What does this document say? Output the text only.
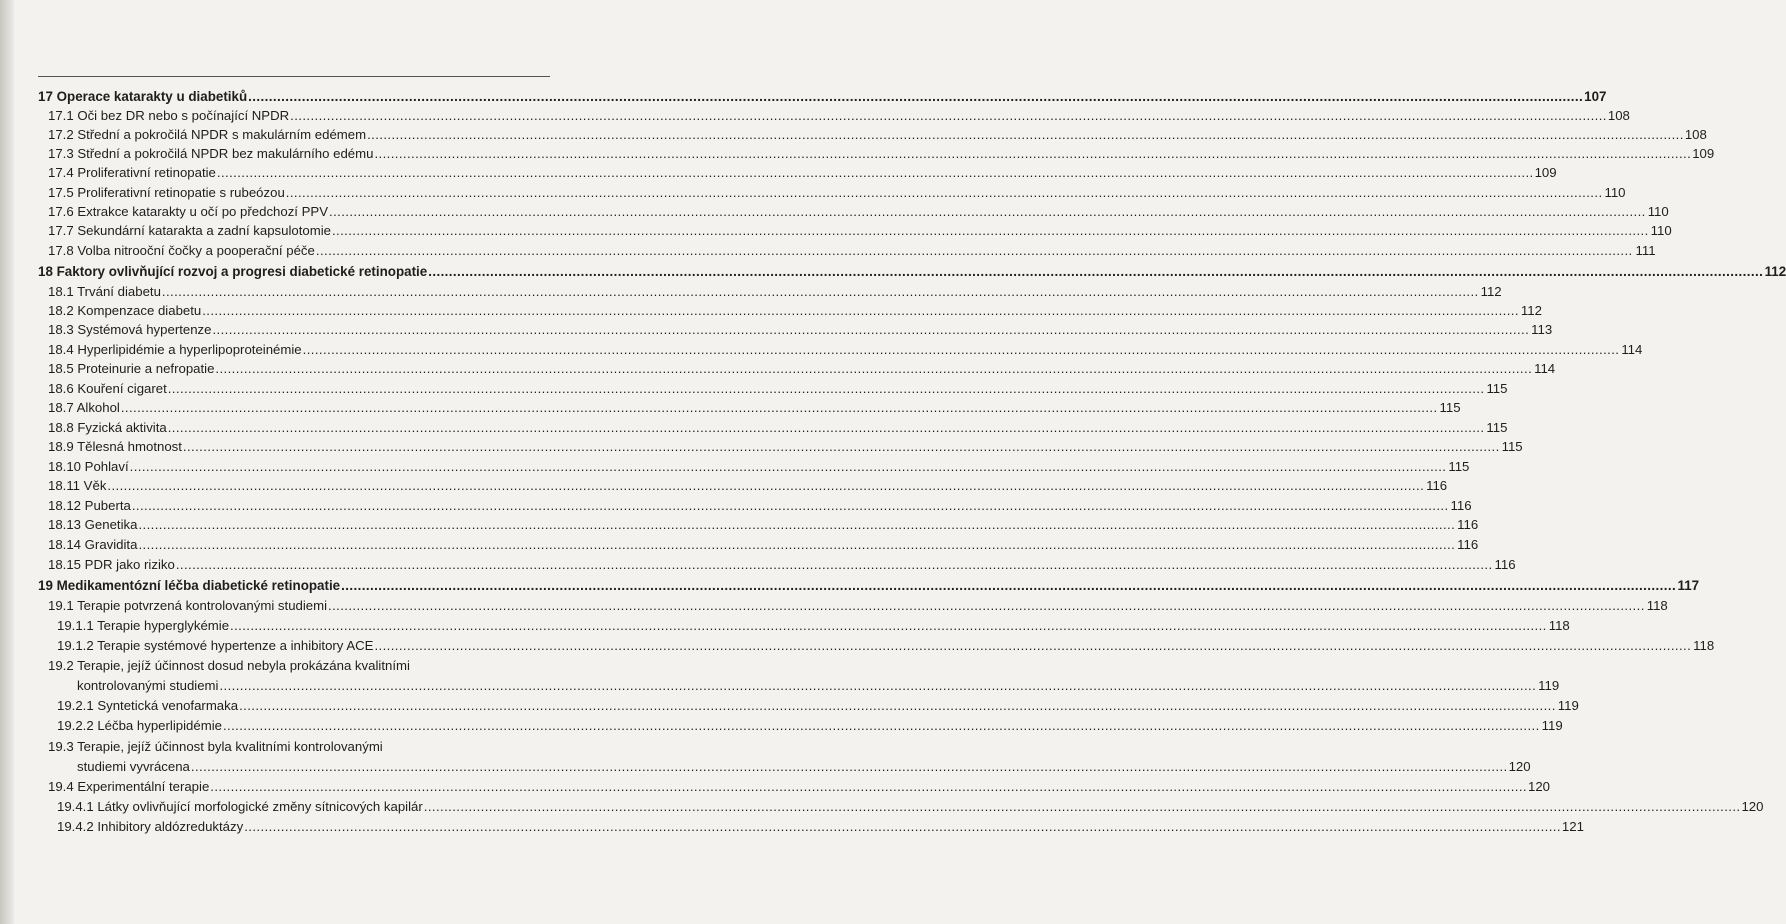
17 Operace katarakty u diabetiků .....	107
17.1 Oči bez DR nebo s počínající NPDR .....	108
17.2 Střední a pokročilá NPDR s makulárním edémem .....	108
17.3 Střední a pokročilá NPDR bez makulárního edému .....	109
17.4 Proliferativní retinopatie .....	109
17.5 Proliferativní retinopatie s rubeózou .....	110
17.6 Extrakce katarakty u očí po předchozí PPV .....	110
17.7 Sekundární katarakta a zadní kapsulotomie .....	110
17.8 Volba nitrooční čočky a pooperační péče .....	111
18 Faktory ovlivňující rozvoj a progresi diabetické retinopatie .....	112
18.1 Trvání diabetu .....	112
18.2 Kompenzace diabetu .....	112
18.3 Systémová hypertenze .....	113
18.4 Hyperlipidémie a hyperlipoproteinémie .....	114
18.5 Proteinurie a nefropatie .....	114
18.6 Kouření cigaret .....	115
18.7 Alkohol .....	115
18.8 Fyzická aktivita .....	115
18.9 Tělesná hmotnost .....	115
18.10 Pohlaví .....	115
18.11 Věk .....	116
18.12 Puberta .....	116
18.13 Genetika .....	116
18.14 Gravidita .....	116
18.15 PDR jako riziko .....	116
19 Medikamentózní léčba diabetické retinopatie .....	117
19.1 Terapie potvrzená kontrolovanými studiemi .....	118
19.1.1 Terapie hyperglykémie .....	118
19.1.2 Terapie systémové hypertenze a inhibitory ACE .....	118
19.2 Terapie, jejíž účinnost dosud nebyla prokázána kvalitními
kontrolovanými studiemi .....	119
19.2.1 Syntetická venofarmaka .....	119
19.2.2 Léčba hyperlipidémie .....	119
19.3 Terapie, jejíž účinnost byla kvalitními kontrolovanými
studiemi vyvrácena .....	120
19.4 Experimentální terapie .....	120
19.4.1 Látky ovlivňující morfologické změny sítnicových kapilár .....	120
19.4.2 Inhibitory aldózreduktázy .....	121
